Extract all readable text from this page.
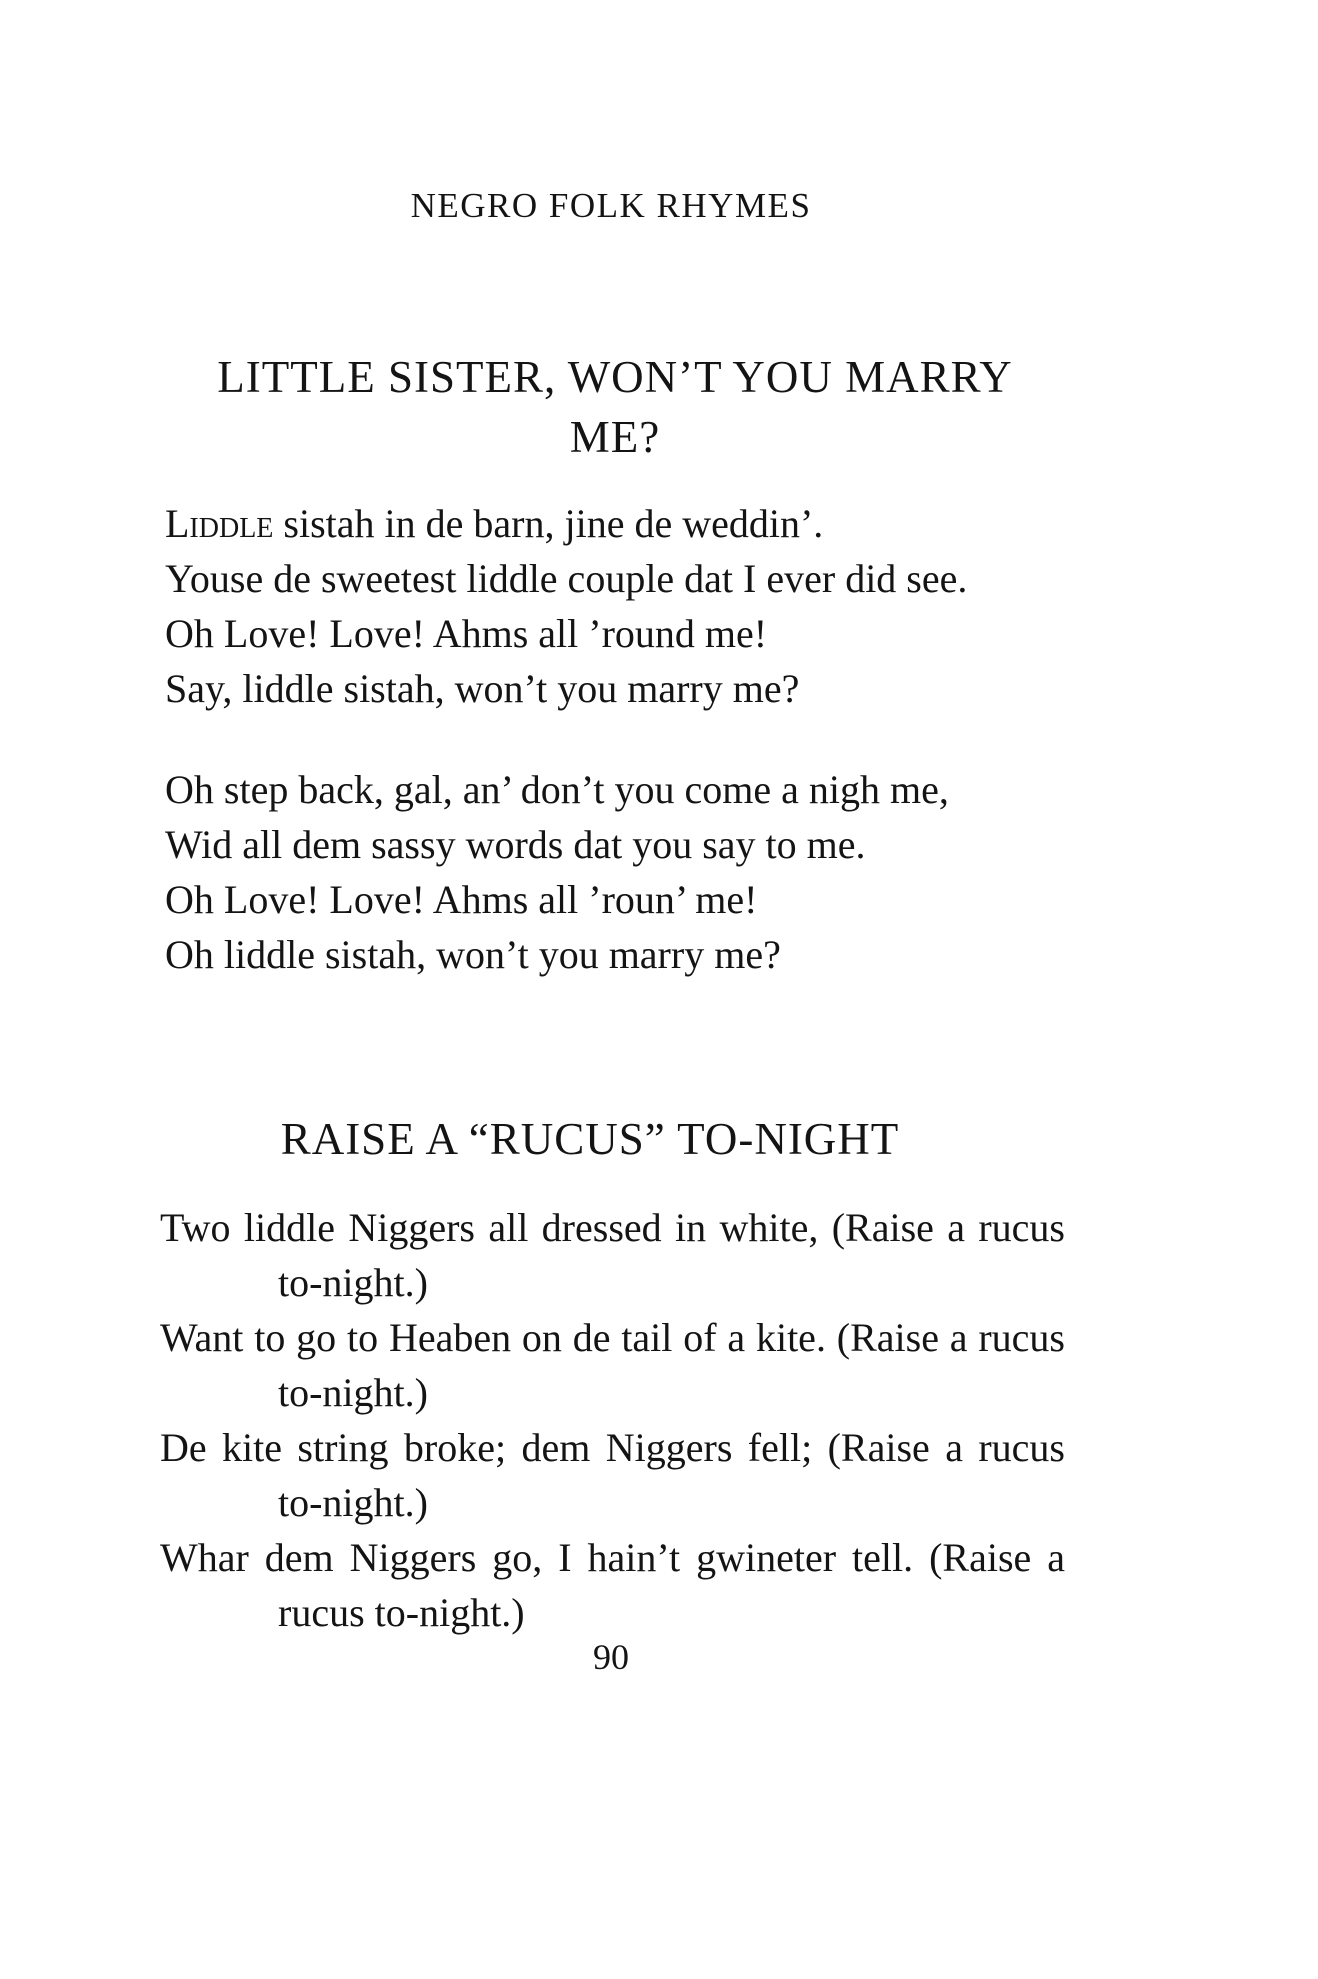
NEGRO FOLK RHYMES
LITTLE SISTER, WON’T YOU MARRY
ME?
Liddle sistah in de barn, jine de weddin’.
Youse de sweetest liddle couple dat I ever did see.
Oh Love! Love! Ahms all ’round me!
Say, liddle sistah, won’t you marry me?
Oh step back, gal, an’ don’t you come a nigh me,
Wid all dem sassy words dat you say to me.
Oh Love! Love! Ahms all ’roun’ me!
Oh liddle sistah, won’t you marry me?
RAISE A “RUCUS” TO-NIGHT
Two liddle Niggers all dressed in white, (Raise a rucus to-night.)
Want to go to Heaben on de tail of a kite. (Raise a rucus to-night.)
De kite string broke; dem Niggers fell; (Raise a rucus to-night.)
Whar dem Niggers go, I hain’t gwineter tell. (Raise a rucus to-night.)
90
